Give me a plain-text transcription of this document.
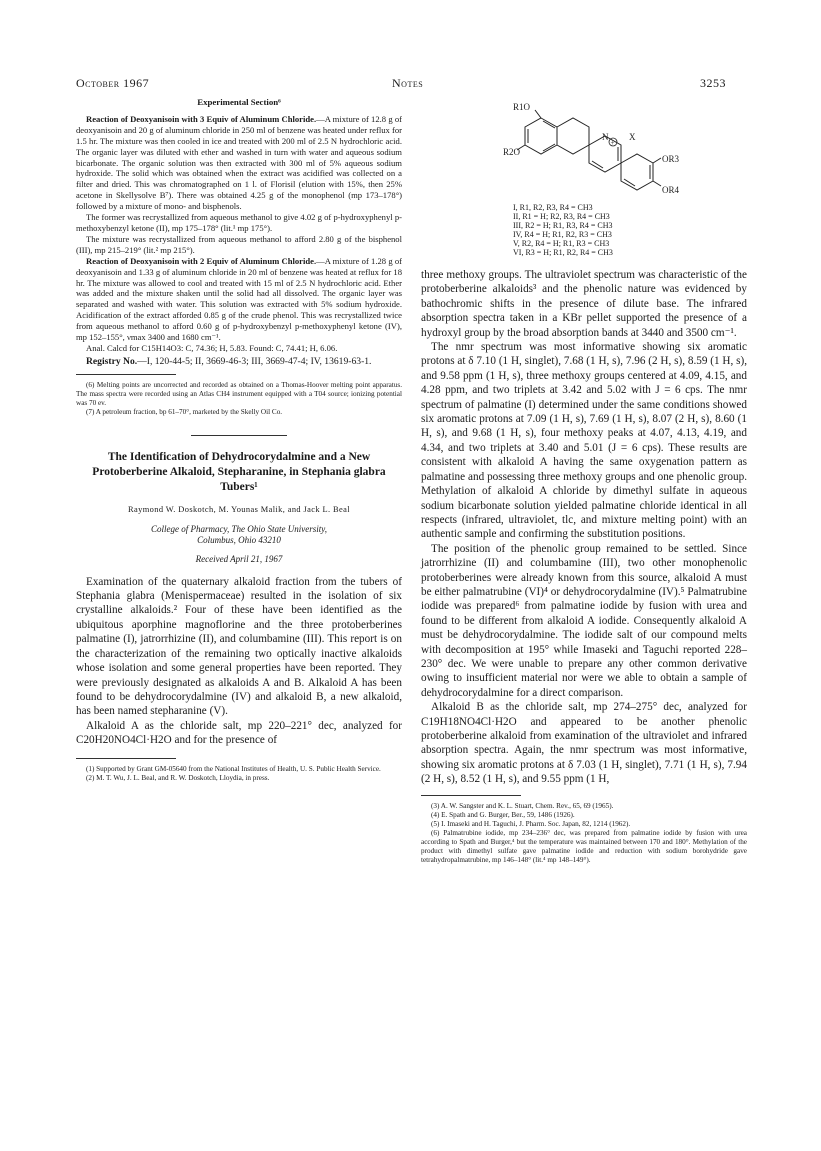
October 1967	Notes	3253
Experimental Section⁶

Reaction of Deoxyanisoin with 3 Equiv of Aluminum Chloride.—A mixture of 12.8 g of deoxyanisoin and 20 g of aluminum chloride in 250 ml of benzene was heated under reflux for 1.5 hr. The mixture was then cooled in ice and treated with 200 ml of 2.5 N hydrochloric acid. The organic layer was diluted with ether and washed in turn with water and aqueous sodium bicarbonate. The organic solution was then extracted with 300 ml of 5% aqueous sodium hydroxide. The solid which was obtained when the extract was acidified was collected on a filter and dried. This was chromatographed on 1 l. of Florisil (elution with 15%, then 25% acetone in Skellysolve B⁷). There was obtained 4.25 g of the monophenol (mp 173–178°) followed by a mixture of mono- and bisphenols.

The former was recrystallized from aqueous methanol to give 4.02 g of p-hydroxyphenyl p-methoxybenzyl ketone (II), mp 175–178° (lit.¹ mp 175°).

The mixture was recrystallized from aqueous methanol to afford 2.80 g of the bisphenol (III), mp 215–219° (lit.² mp 215°).

Reaction of Deoxyanisoin with 2 Equiv of Aluminum Chloride.—A mixture of 1.28 g of deoxyanisoin and 1.33 g of aluminum chloride in 20 ml of benzene was heated at reflux for 18 hr. The mixture was allowed to cool and treated with 15 ml of 2.5 N hydrochloric acid. Ether was added and the mixture shaken until the solid had all dissolved. The organic layer was separated and washed with water. This solution was extracted with 5% sodium hydroxide. Acidification of the extract afforded 0.85 g of the crude phenol. This was recrystallized twice from aqueous methanol to afford 0.60 g of p-hydroxybenzyl p-methoxyphenyl ketone (IV), mp 152–155°, νmax 3400 and 1680 cm⁻¹.

Anal. Calcd for C15H14O3: C, 74.36; H, 5.83. Found: C, 74.41; H, 6.06.

Registry No.—I, 120-44-5; II, 3669-46-3; III, 3669-47-4; IV, 13619-63-1.

(6) Melting points are uncorrected and recorded as obtained on a Thomas-Hoover melting point apparatus. The mass spectra were recorded using an Atlas CH4 instrument equipped with a T04 source; ionizing potential was 70 ev.

(7) A petroleum fraction, bp 61–70°, marketed by the Skelly Oil Co.

The Identification of Dehydrocorydalmine and a New Protoberberine Alkaloid, Stepharanine, in Stephania glabra Tubers¹
Raymond W. Doskotch, M. Younas Malik, and Jack L. Beal
College of Pharmacy, The Ohio State University,
Columbus, Ohio 43210
Received April 21, 1967

Examination of the quaternary alkaloid fraction from the tubers of Stephania glabra (Menispermaceae) resulted in the isolation of six crystalline alkaloids.² Four of these have been identified as the ubiquitous aporphine magnoflorine and the three protoberberines palmatine (I), jatrorrhizine (II), and columbamine (III). This report is on the characterization of the remaining two optically inactive alkaloids whose isolation and some general properties have been reported. They were previously designated as alkaloids A and B. Alkaloid A has been found to be dehydrocorydalmine (IV) and alkaloid B, a new alkaloid, has been named stepharanine (V).

Alkaloid A as the chloride salt, mp 220–221° dec, analyzed for C20H20NO4Cl·H2O and for the presence of

(1) Supported by Grant GM-05640 from the National Institutes of Health, U. S. Public Health Service.

(2) M. T. Wu, J. L. Beal, and R. W. Doskotch, Lloydia, in press.

+
R1O
R2O
N X
OR3
OR4
I, R1, R2, R3, R4 = CH3
II, R1 = H; R2, R3, R4 = CH3
III, R2 = H; R1, R3, R4 = CH3
IV, R4 = H; R1, R2, R3 = CH3
V, R2, R4 = H; R1, R3 = CH3
VI, R3 = H; R1, R2, R4 = CH3

three methoxy groups. The ultraviolet spectrum was characteristic of the protoberberine alkaloids³ and the phenolic nature was evidenced by bathochromic shifts in the presence of dilute base. The infrared absorption spectra taken in a KBr pellet supported the presence of a hydroxyl group by the broad absorption bands at 3440 and 3500 cm⁻¹.

The nmr spectrum was most informative showing six aromatic protons at δ 7.10 (1 H, singlet), 7.68 (1 H, s), 7.96 (2 H, s), 8.59 (1 H, s), and 9.58 ppm (1 H, s), three methoxy groups centered at 4.09, 4.15, and 4.28 ppm, and two triplets at 3.42 and 5.02 with J = 6 cps. The nmr spectrum of palmatine (I) determined under the same conditions showed six aromatic protons at 7.09 (1 H, s), 7.69 (1 H, s), 8.07 (2 H, s), 8.60 (1 H, s), and 9.68 (1 H, s), four methoxy peaks at 4.07, 4.13, 4.19, and 4.34, and two triplets at 3.40 and 5.01 (J = 6 cps). These results are consistent with alkaloid A having the same oxygenation pattern as palmatine and possessing three methoxy groups and one phenolic group. Methylation of alkaloid A chloride by dimethyl sulfate in aqueous sodium bicarbonate solution yielded palmatine chloride identical in all respects (infrared, ultraviolet, tlc, and mixture melting point) with an authentic sample and confirming the substitution positions.

The position of the phenolic group remained to be settled. Since jatrorrhizine (II) and columbamine (III), two other monophenolic protoberberines were already known from this source, alkaloid A must be either palmatrubine (VI)⁴ or dehydrocorydalmine (IV).⁵ Palmatrubine iodide was prepared⁶ from palmatine iodide by fusion with urea and found to be different from alkaloid A iodide. Consequently alkaloid A must be dehydrocorydalmine. The iodide salt of our compound melts with decomposition at 195° while Imaseki and Taguchi reported 228–230° dec. We were unable to prepare any other common derivative owing to insufficient material nor were we able to obtain a sample of dehydrocorydalmine for a direct comparison.

Alkaloid B as the chloride salt, mp 274–275° dec, analyzed for C19H18NO4Cl·H2O and appeared to be another phenolic protoberberine alkaloid from examination of the ultraviolet and infrared absorption spectra. Again, the nmr spectrum was most informative, showing six aromatic protons at δ 7.03 (1 H, singlet), 7.71 (1 H, s), 7.94 (2 H, s), 8.52 (1 H, s), and 9.55 ppm (1 H,

(3) A. W. Sangster and K. L. Stuart, Chem. Rev., 65, 69 (1965).

(4) E. Spath and G. Burger, Ber., 59, 1486 (1926).

(5) I. Imaseki and H. Taguchi, J. Pharm. Soc. Japan, 82, 1214 (1962).

(6) Palmatrubine iodide, mp 234–236° dec, was prepared from palmatine iodide by fusion with urea according to Spath and Burger,⁴ but the temperature was maintained between 170 and 180°. Methylation of the product with dimethyl sulfate gave palmatine iodide and reduction with sodium borohydride gave tetrahydropalmatrubine, mp 146–148° (lit.⁴ mp 148–149°).
